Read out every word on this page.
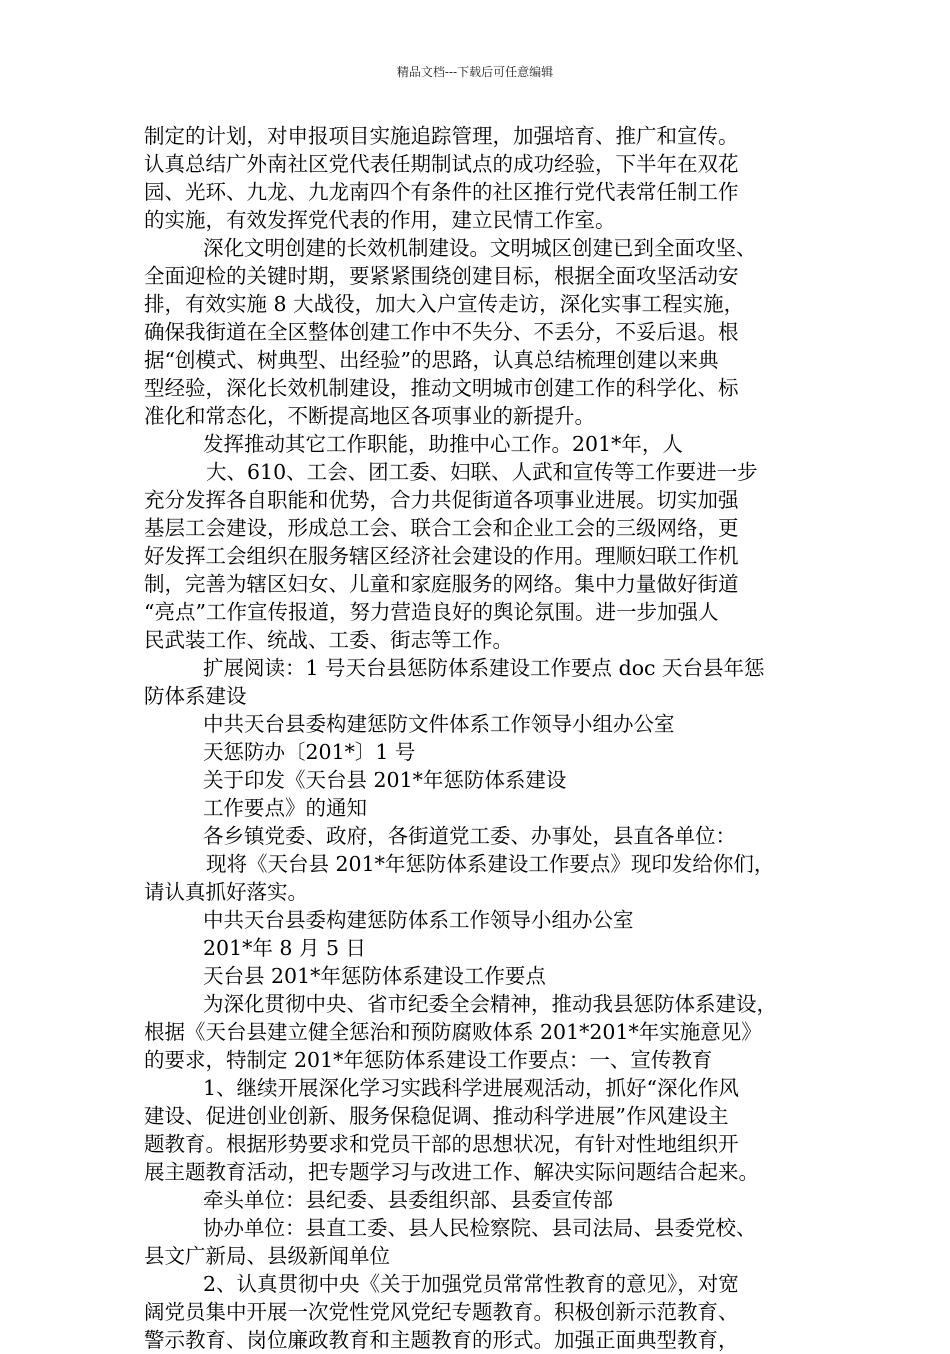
精品文档---下载后可任意编辑
制定的计划，对申报项目实施追踪管理，加强培育、推广和宣传。
认真总结广外南社区党代表任期制试点的成功经验，下半年在双花
园、光环、九龙、九龙南四个有条件的社区推行党代表常任制工作
的实施，有效发挥党代表的作用，建立民情工作室。
深化文明创建的长效机制建设。文明城区创建已到全面攻坚、
全面迎检的关键时期，要紧紧围绕创建目标，根据全面攻坚活动安
排，有效实施 8 大战役，加大入户宣传走访，深化实事工程实施，
确保我街道在全区整体创建工作中不失分、不丢分，不妥后退。根
据“创模式、树典型、出经验”的思路，认真总结梳理创建以来典
型经验，深化长效机制建设，推动文明城市创建工作的科学化、标
准化和常态化，不断提高地区各项事业的新提升。
发挥推动其它工作职能，助推中心工作。201*年，人
大、610、工会、团工委、妇联、人武和宣传等工作要进一步
充分发挥各自职能和优势，合力共促街道各项事业进展。切实加强
基层工会建设，形成总工会、联合工会和企业工会的三级网络，更
好发挥工会组织在服务辖区经济社会建设的作用。理顺妇联工作机
制，完善为辖区妇女、儿童和家庭服务的网络。集中力量做好街道
“亮点”工作宣传报道，努力营造良好的舆论氛围。进一步加强人
民武装工作、统战、工委、街志等工作。
扩展阅读：1 号天台县惩防体系建设工作要点 doc 天台县年惩
防体系建设
中共天台县委构建惩防文件体系工作领导小组办公室
天惩防办〔201*〕1 号
关于印发《天台县 201*年惩防体系建设
工作要点》的通知
各乡镇党委、政府，各街道党工委、办事处，县直各单位：
现将《天台县 201*年惩防体系建设工作要点》现印发给你们，
请认真抓好落实。
中共天台县委构建惩防体系工作领导小组办公室
201*年 8 月 5 日
天台县 201*年惩防体系建设工作要点
为深化贯彻中央、省市纪委全会精神，推动我县惩防体系建设，
根据《天台县建立健全惩治和预防腐败体系 201*201*年实施意见》
的要求，特制定 201*年惩防体系建设工作要点：一、宣传教育
1、继续开展深化学习实践科学进展观活动，抓好“深化作风
建设、促进创业创新、服务保稳促调、推动科学进展”作风建设主
题教育。根据形势要求和党员干部的思想状况，有针对性地组织开
展主题教育活动，把专题学习与改进工作、解决实际问题结合起来。
牵头单位：县纪委、县委组织部、县委宣传部
协办单位：县直工委、县人民检察院、县司法局、县委党校、
县文广新局、县级新闻单位
2、认真贯彻中央《关于加强党员常常性教育的意见》，对宽
阔党员集中开展一次党性党风党纪专题教育。积极创新示范教育、
警示教育、岗位廉政教育和主题教育的形式。加强正面典型教育，
